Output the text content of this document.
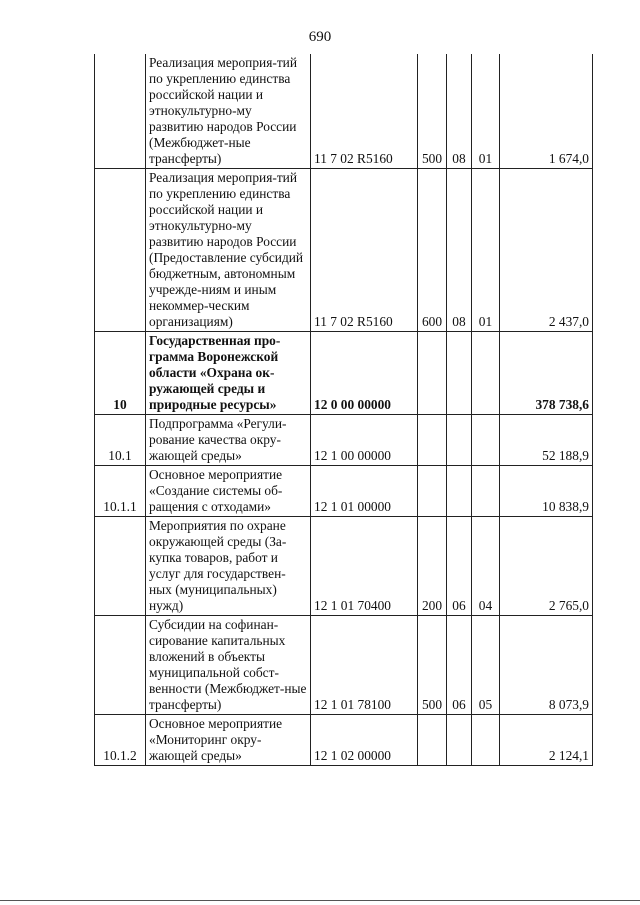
690
	Реализация мероприя-тий по укреплению единства российской нации и этнокультурно-му развитию народов России (Межбюджет-ные трансферты)	11 7 02 R5160	500	08	01	1 674,0
	Реализация мероприя-тий по укреплению единства российской нации и этнокультурно-му развитию народов России (Предоставление субсидий бюджетным, автономным учрежде-ниям и иным некоммер-ческим организациям)	11 7 02 R5160	600	08	01	2 437,0
10	Государственная про-грамма Воронежской области «Охрана ок-ружающей среды и природные ресурсы»	12 0 00 00000				378 738,6
10.1	Подпрограмма «Регули-рование качества окру-жающей среды»	12 1 00 00000				52 188,9
10.1.1	Основное мероприятие «Создание системы об-ращения с отходами»	12 1 01 00000				10 838,9
	Мероприятия по охране окружающей среды (За-купка товаров, работ и услуг для государствен-ных (муниципальных) нужд)	12 1 01 70400	200	06	04	2 765,0
	Субсидии на софинан-сирование капитальных вложений в объекты муниципальной собст-венности (Межбюджет-ные трансферты)	12 1 01 78100	500	06	05	8 073,9
10.1.2	Основное мероприятие «Мониторинг окру-жающей среды»	12 1 02 00000				2 124,1
